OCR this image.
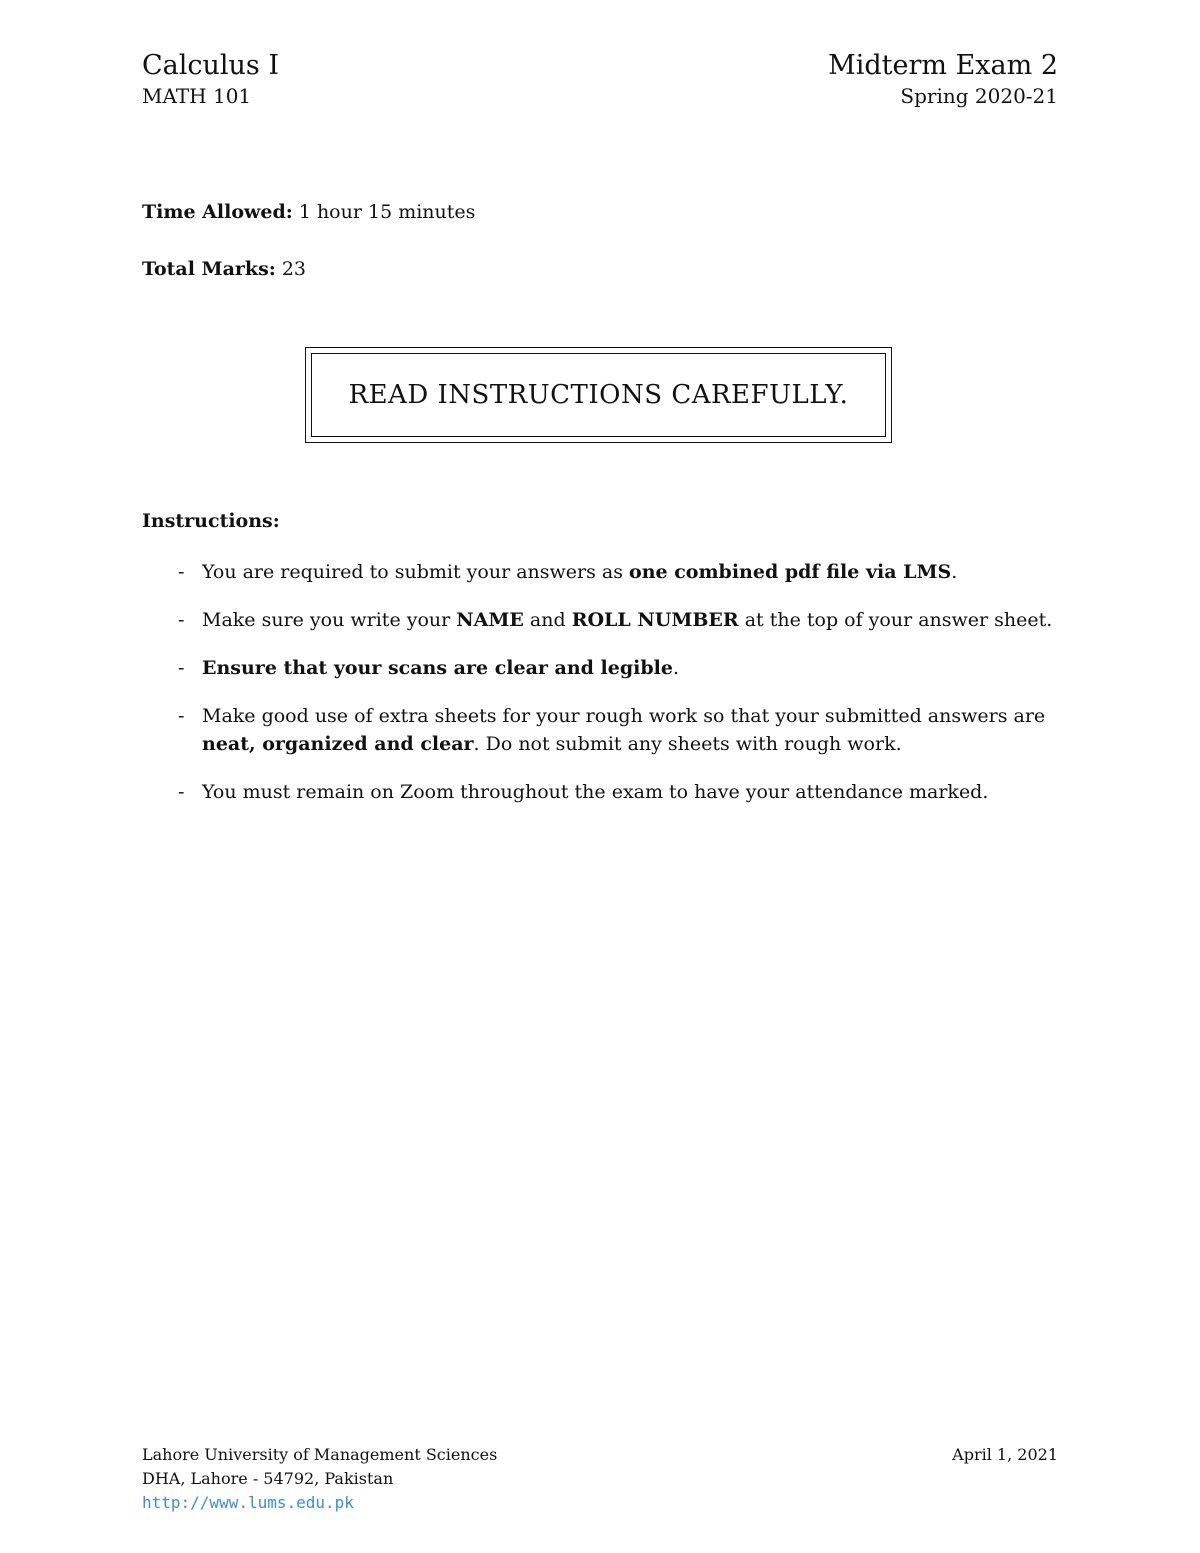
Calculus I	Midterm Exam 2
MATH 101	Spring 2020-21
Time Allowed: 1 hour 15 minutes
Total Marks: 23
READ INSTRUCTIONS CAREFULLY.
Instructions:
- You are required to submit your answers as one combined pdf file via LMS.
- Make sure you write your NAME and ROLL NUMBER at the top of your answer sheet.
- Ensure that your scans are clear and legible.
- Make good use of extra sheets for your rough work so that your submitted answers are neat, organized and clear. Do not submit any sheets with rough work.
- You must remain on Zoom throughout the exam to have your attendance marked.
Lahore University of Management Sciences	April 1, 2021
DHA, Lahore - 54792, Pakistan
http://www.lums.edu.pk
